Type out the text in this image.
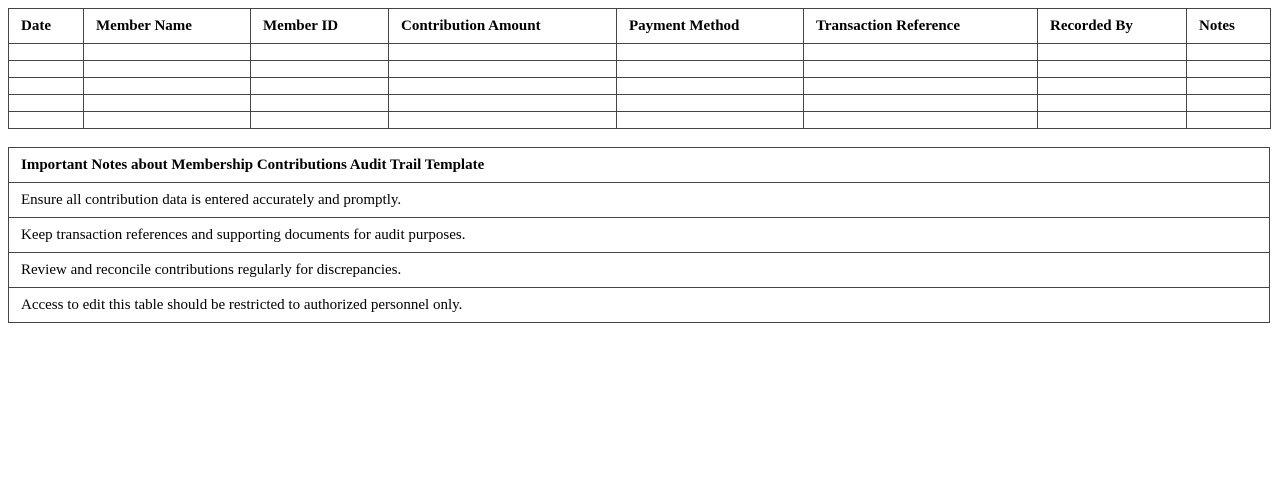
Date	Member Name	Member ID	Contribution Amount	Payment Method	Transaction Reference	Recorded By	Notes

Important Notes about Membership Contributions Audit Trail Template
Ensure all contribution data is entered accurately and promptly.
Keep transaction references and supporting documents for audit purposes.
Review and reconcile contributions regularly for discrepancies.
Access to edit this table should be restricted to authorized personnel only.
